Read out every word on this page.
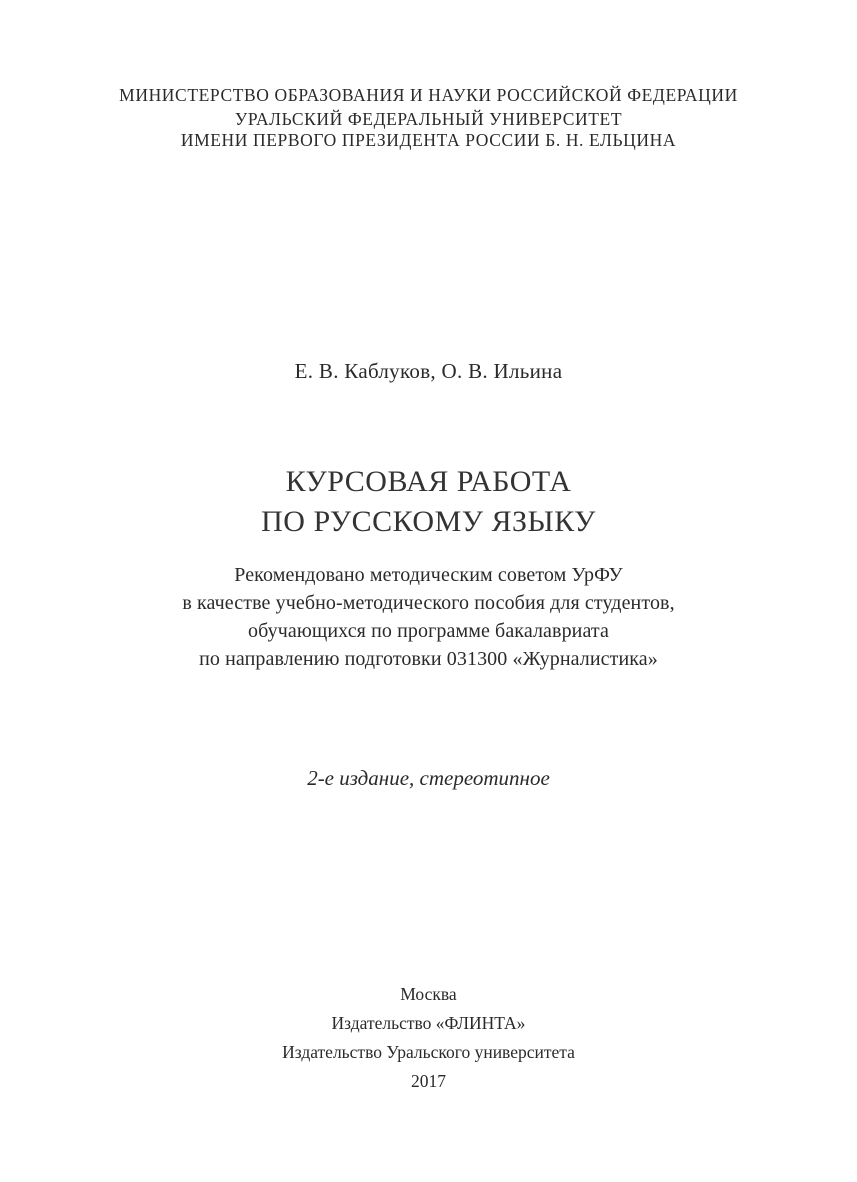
МИНИСТЕРСТВО ОБРАЗОВАНИЯ И НАУКИ РОССИЙСКОЙ ФЕДЕРАЦИИ
УРАЛЬСКИЙ ФЕДЕРАЛЬНЫЙ УНИВЕРСИТЕТ
ИМЕНИ ПЕРВОГО ПРЕЗИДЕНТА РОССИИ Б. Н. ЕЛЬЦИНА
Е. В. Каблуков, О. В. Ильина
КУРСОВАЯ РАБОТА
ПО РУССКОМУ ЯЗЫКУ
Рекомендовано методическим советом УрФУ
в качестве учебно-методического пособия для студентов,
обучающихся по программе бакалавриата
по направлению подготовки 031300 «Журналистика»
2-е издание, стереотипное
Москва
Издательство «ФЛИНТА»
Издательство Уральского университета
2017
